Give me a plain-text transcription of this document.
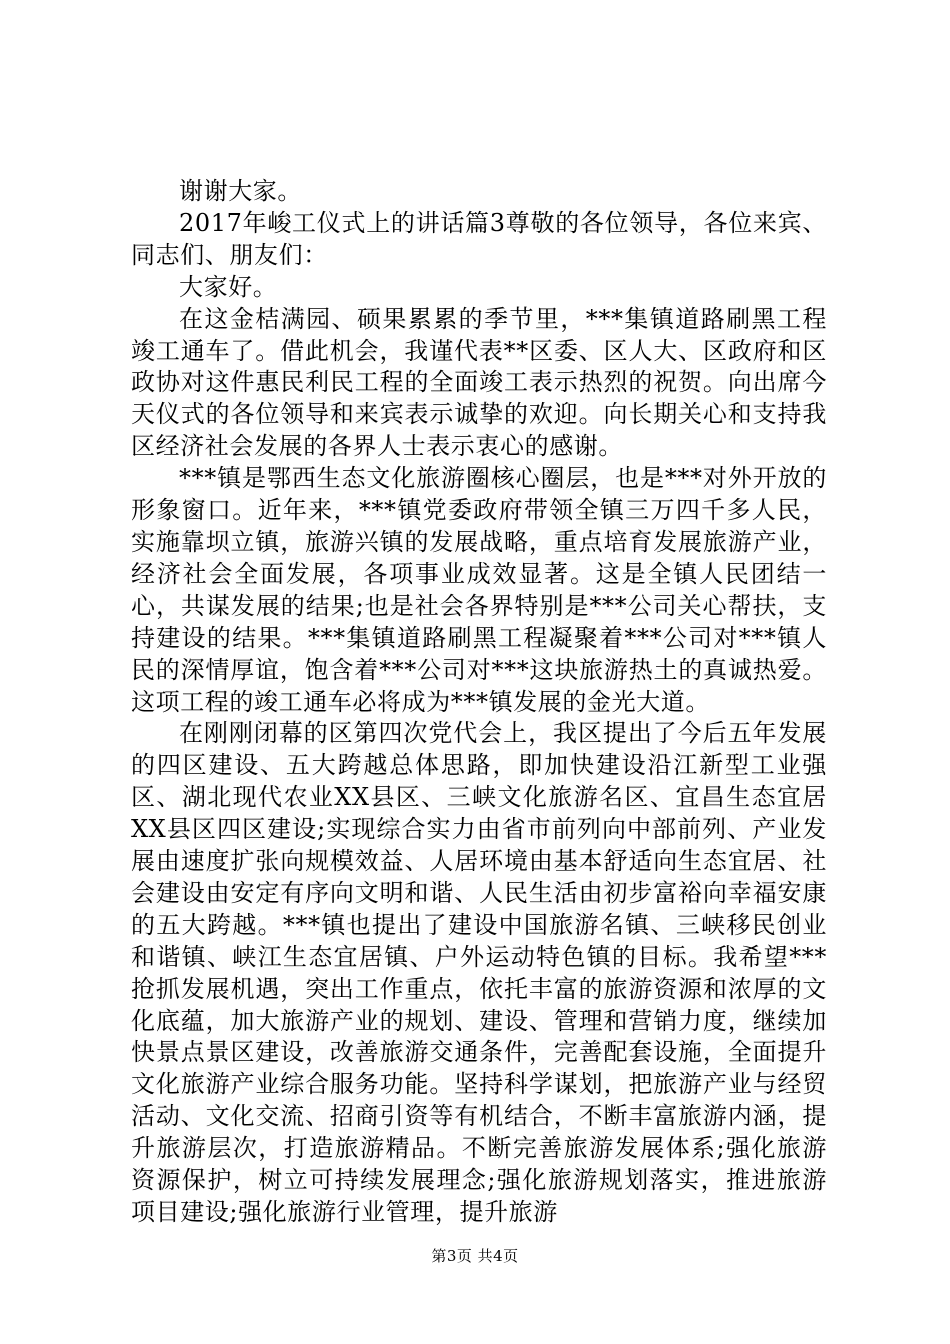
谢谢大家。

2017年峻工仪式上的讲话篇3尊敬的各位领导，各位来宾、同志们、朋友们：

大家好。

在这金桔满园、硕果累累的季节里，***集镇道路刷黑工程竣工通车了。借此机会，我谨代表**区委、区人大、区政府和区政协对这件惠民利民工程的全面竣工表示热烈的祝贺。向出席今天仪式的各位领导和来宾表示诚挚的欢迎。向长期关心和支持我区经济社会发展的各界人士表示衷心的感谢。

***镇是鄂西生态文化旅游圈核心圈层，也是***对外开放的形象窗口。近年来，***镇党委政府带领全镇三万四千多人民，实施靠坝立镇，旅游兴镇的发展战略，重点培育发展旅游产业，经济社会全面发展，各项事业成效显著。这是全镇人民团结一心，共谋发展的结果;也是社会各界特别是***公司关心帮扶，支持建设的结果。***集镇道路刷黑工程凝聚着***公司对***镇人民的深情厚谊，饱含着***公司对***这块旅游热土的真诚热爱。这项工程的竣工通车必将成为***镇发展的金光大道。

在刚刚闭幕的区第四次党代会上，我区提出了今后五年发展的四区建设、五大跨越总体思路，即加快建设沿江新型工业强区、湖北现代农业XX县区、三峡文化旅游名区、宜昌生态宜居XX县区四区建设;实现综合实力由省市前列向中部前列、产业发展由速度扩张向规模效益、人居环境由基本舒适向生态宜居、社会建设由安定有序向文明和谐、人民生活由初步富裕向幸福安康的五大跨越。***镇也提出了建设中国旅游名镇、三峡移民创业和谐镇、峡江生态宜居镇、户外运动特色镇的目标。我希望***抢抓发展机遇，突出工作重点，依托丰富的旅游资源和浓厚的文化底蕴，加大旅游产业的规划、建设、管理和营销力度，继续加快景点景区建设，改善旅游交通条件，完善配套设施，全面提升文化旅游产业综合服务功能。坚持科学谋划，把旅游产业与经贸活动、文化交流、招商引资等有机结合，不断丰富旅游内涵，提升旅游层次，打造旅游精品。不断完善旅游发展体系;强化旅游资源保护，树立可持续发展理念;强化旅游规划落实，推进旅游项目建设;强化旅游行业管理，提升旅游

第3页 共4页
